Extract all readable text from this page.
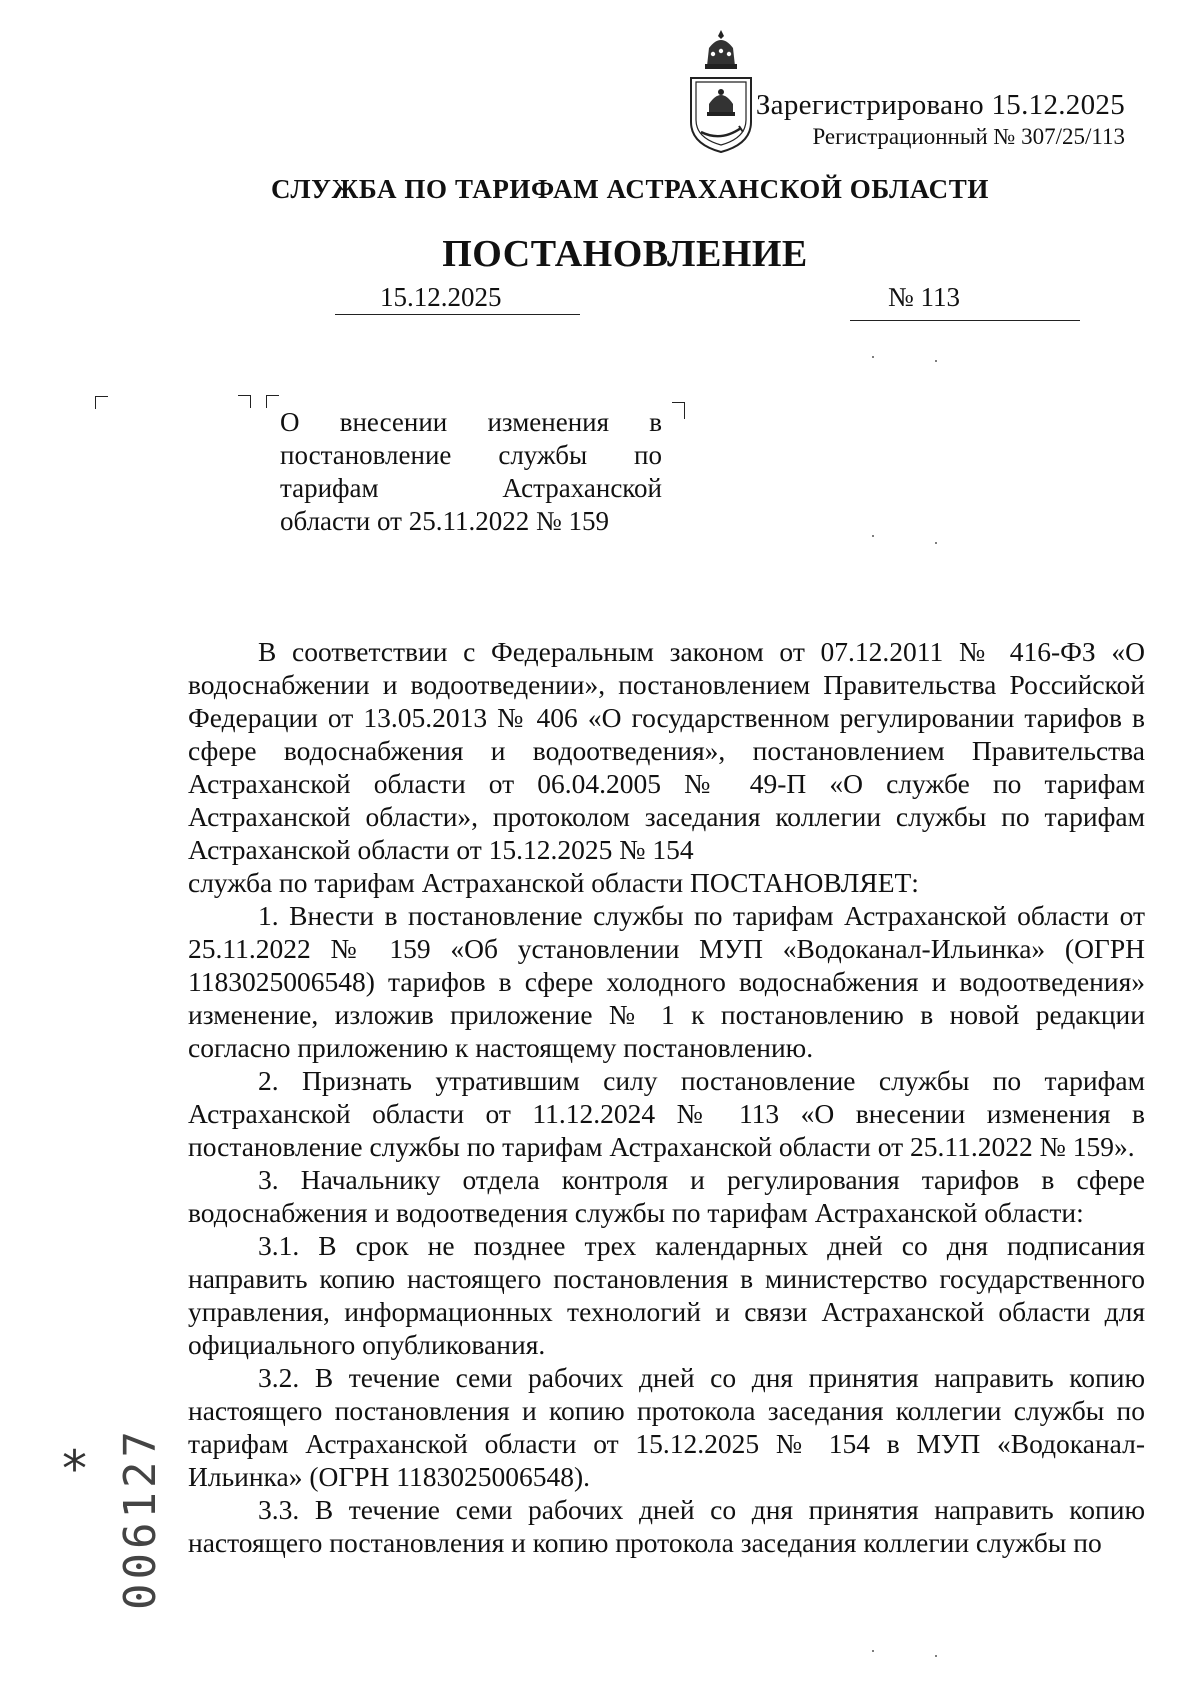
Зарегистрировано 15.12.2025
Регистрационный № 307/25/113
СЛУЖБА ПО ТАРИФАМ АСТРАХАНСКОЙ ОБЛАСТИ
ПОСТАНОВЛЕНИЕ
15.12.2025	№ 113
О внесении изменения в
постановление службы по
тарифам Астраханской
области от 25.11.2022 № 159

В соответствии с Федеральным законом от 07.12.2011 № 416-ФЗ «О водоснабжении и водоотведении», постановлением Правительства Российской Федерации от 13.05.2013 № 406 «О государственном регулировании тарифов в сфере водоснабжения и водоотведения», постановлением Правительства Астраханской области от 06.04.2005 № 49-П «О службе по тарифам Астраханской области», протоколом заседания коллегии службы по тарифам Астраханской области от 15.12.2025 № 154

служба по тарифам Астраханской области ПОСТАНОВЛЯЕТ:

1. Внести в постановление службы по тарифам Астраханской области от 25.11.2022 № 159 «Об установлении МУП «Водоканал-Ильинка» (ОГРН 1183025006548) тарифов в сфере холодного водоснабжения и водоотведения» изменение, изложив приложение № 1 к постановлению в новой редакции согласно приложению к настоящему постановлению.

2. Признать утратившим силу постановление службы по тарифам Астраханской области от 11.12.2024 № 113 «О внесении изменения в постановление службы по тарифам Астраханской области от 25.11.2022 № 159».

3. Начальнику отдела контроля и регулирования тарифов в сфере водоснабжения и водоотведения службы по тарифам Астраханской области:

3.1. В срок не позднее трех календарных дней со дня подписания направить копию настоящего постановления в министерство государственного управления, информационных технологий и связи Астраханской области для официального опубликования.

3.2. В течение семи рабочих дней со дня принятия направить копию настоящего постановления и копию протокола заседания коллегии службы по тарифам Астраханской области от 15.12.2025 № 154 в МУП «Водоканал-Ильинка» (ОГРН 1183025006548).

3.3. В течение семи рабочих дней со дня принятия направить копию настоящего постановления и копию протокола заседания коллегии службы по

* 006127
